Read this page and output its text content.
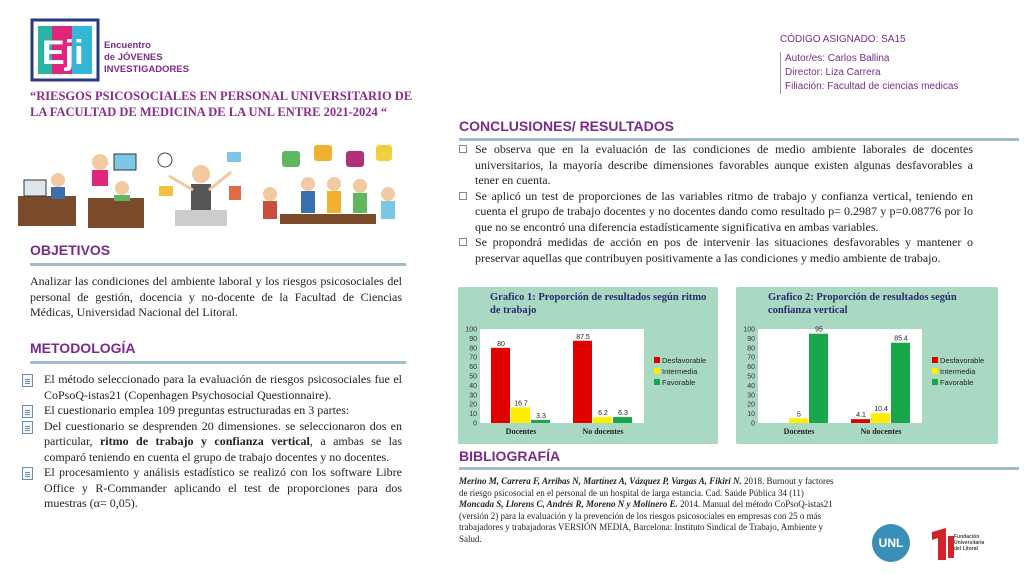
Eji Encuentro
de JÓVENES
INVESTIGADORES
“RIESGOS PSICOSOCIALES EN PERSONAL UNIVERSITARIO DE LA FACULTAD DE MEDICINA DE LA UNL ENTRE 2021-2024 “
CÓDIGO ASIGNADO: SA15
Autor/es: Carlos Ballina
Director: Liza Carrera
Filiación: Facultad de ciencias medicas
OBJETIVOS
Analizar las condiciones del ambiente laboral y los riesgos psicosociales del personal de gestión, docencia y no-docente de la Facultad de Ciencias Médicas, Universidad Nacional del Litoral.
METODOLOGÍA
El método seleccionado para la evaluación de riesgos psicosociales fue el CoPsoQ-istas21 (Copenhagen Psychosocial Questionnaire).
El cuestionario emplea 109 preguntas estructuradas en 3 partes:
Del cuestionario se desprenden 20 dimensiones. se seleccionaron dos en particular, ritmo de trabajo y confianza vertical, a ambas se las comparó teniendo en cuenta el grupo de trabajo docentes y no docentes.
El procesamiento y análisis estadístico se realizó con los software Libre Office y R-Commander aplicando el test de proporciones para dos muestras (α= 0,05).
CONCLUSIONES/ RESULTADOS
Se observa que en la evaluación de las condiciones de medio ambiente laborales de docentes universitarios, la mayoría describe dimensiones favorables aunque existen algunas desfavorables a tener en cuenta.
Se aplicó un test de proporciones de las variables ritmo de trabajo y confianza vertical, teniendo en cuenta el grupo de trabajo docentes y no docentes dando como resultado p= 0.2987 y p=0.08776 por lo que no se encontró una diferencia estadísticamente significativa en ambas variables.
Se propondrá medidas de acción en pos de intervenir las situaciones desfavorables y mantener o preservar aquellas que contribuyen positivamente a las condiciones y medio ambiente de trabajo.
Grafico 1: Proporción de resultados según ritmo de trabajo
0
10
20
30
40
50
60
70
80
90
100
80
16.7
3.3
Docentes
87.5
6.2 6.3
No docentes
Desfavorable
Intermedia
Favorable
Grafico 2: Proporción de resultados según confianza vertical
0
10
20
30
40
50
60
70
80
90
100
5
95
Docentes
4.1
10.4
85.4
No docentes
Desfavorable
Intermedia
Favorable
BIBLIOGRAFÍA
Merino M, Carrera F, Arribas N, Martínez A, Vázquez P, Vargas A, Fikiri N. 2018. Burnout y factores de riesgo psicosocial en el personal de un hospital de larga estancia. Cad. Saúde Pública 34 (11)
Moncada S, Llorens C, Andrés R, Moreno N y Molinero E. 2014. Manual del método CoPsoQ-istas21 (versión 2) para la evaluación y la prevención de los riesgos psicosociales en empresas con 25 o más trabajadores y trabajadoras VERSIÓN MEDIA, Barcelona: Instituto Sindical de Trabajo, Ambiente y Salud.	UNL	Fundación
Universitaria
del Litoral
